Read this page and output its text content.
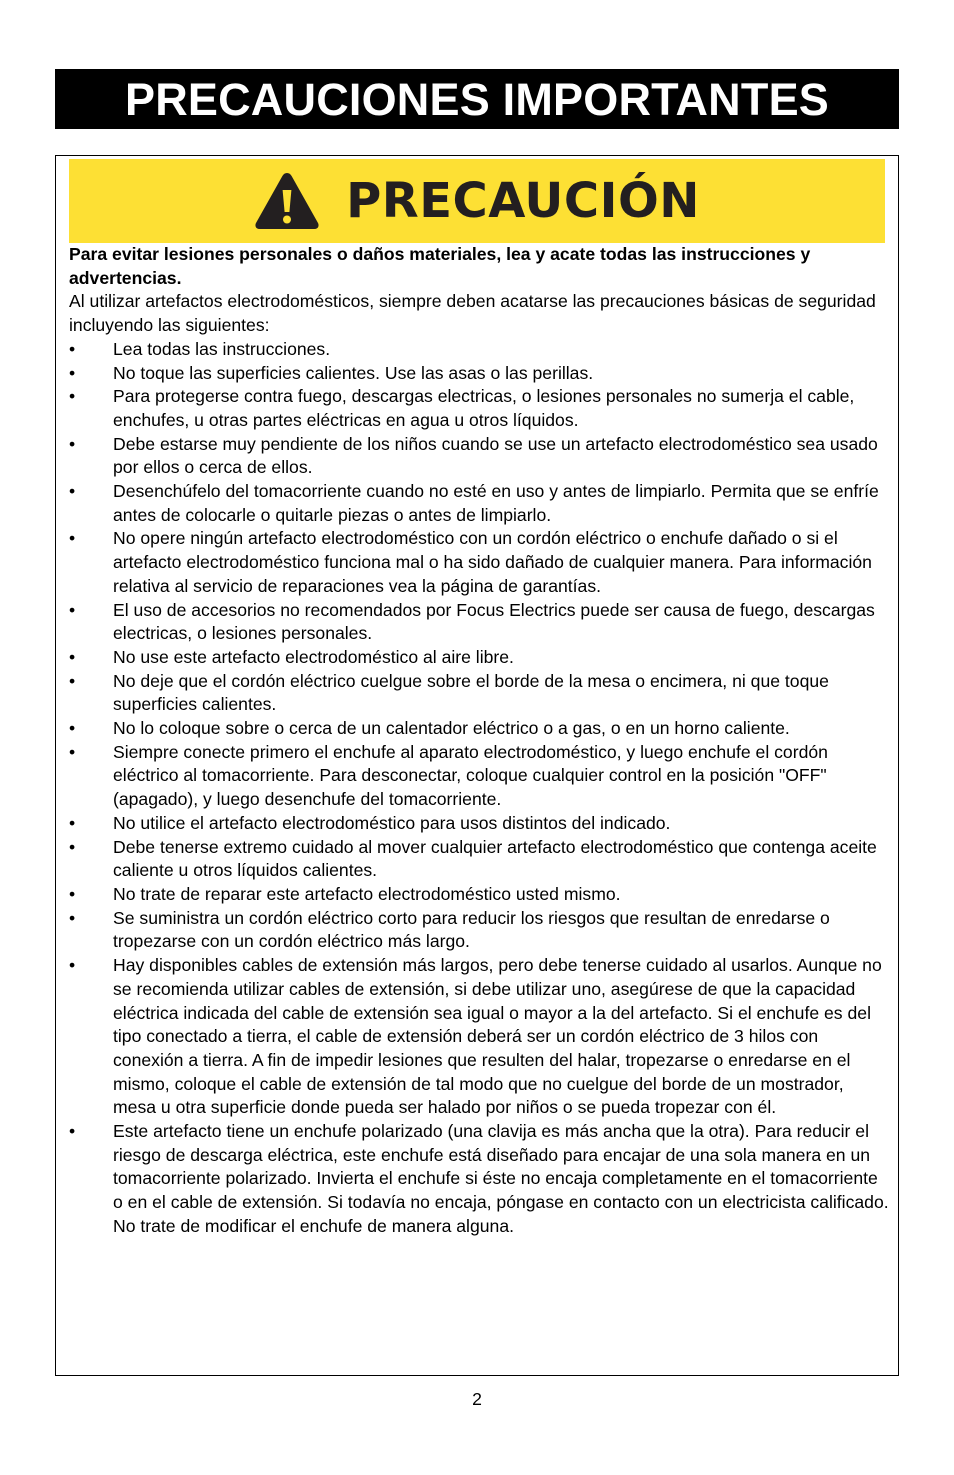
PRECAUCIONES IMPORTANTES
PRECAUCIÓN

Para evitar lesiones personales o daños materiales, lea y acate todas las instrucciones y advertencias.

Al utilizar artefactos electrodomésticos, siempre deben acatarse las precauciones básicas de seguridad incluyendo las siguientes:

• Lea todas las instrucciones.
• No toque las superficies calientes. Use las asas o las perillas.
• Para protegerse contra fuego, descargas electricas, o lesiones personales no sumerja el cable, enchufes, u otras partes eléctricas en agua u otros líquidos.
• Debe estarse muy pendiente de los niños cuando se use un artefacto electrodoméstico sea usado por ellos o cerca de ellos.
• Desenchúfelo del tomacorriente cuando no esté en uso y antes de limpiarlo. Permita que se enfríe antes de colocarle o quitarle piezas o antes de limpiarlo.
• No opere ningún artefacto electrodoméstico con un cordón eléctrico o enchufe dañado o si el artefacto electrodoméstico funciona mal o ha sido dañado de cualquier manera. Para información relativa al servicio de reparaciones vea la página de garantías.
• El uso de accesorios no recomendados por Focus Electrics puede ser causa de fuego, descargas electricas, o lesiones personales.
• No use este artefacto electrodoméstico al aire libre.
• No deje que el cordón eléctrico cuelgue sobre el borde de la mesa o encimera, ni que toque superficies calientes.
• No lo coloque sobre o cerca de un calentador eléctrico o a gas, o en un horno caliente.
• Siempre conecte primero el enchufe al aparato electrodoméstico, y luego enchufe el cordón eléctrico al tomacorriente. Para desconectar, coloque cualquier control en la posición "OFF" (apagado), y luego desenchufe del tomacorriente.
• No utilice el artefacto electrodoméstico para usos distintos del indicado.
• Debe tenerse extremo cuidado al mover cualquier artefacto electrodoméstico que contenga aceite caliente u otros líquidos calientes.
• No trate de reparar este artefacto electrodoméstico usted mismo.
• Se suministra un cordón eléctrico corto para reducir los riesgos que resultan de enredarse o tropezarse con un cordón eléctrico más largo.
• Hay disponibles cables de extensión más largos, pero debe tenerse cuidado al usarlos. Aunque no se recomienda utilizar cables de extensión, si debe utilizar uno, asegúrese de que la capacidad eléctrica indicada del cable de extensión sea igual o mayor a la del artefacto. Si el enchufe es del tipo conectado a tierra, el cable de extensión deberá ser un cordón eléctrico de 3 hilos con conexión a tierra. A fin de impedir lesiones que resulten del halar, tropezarse o enredarse en el mismo, coloque el cable de extensión de tal modo que no cuelgue del borde de un mostrador, mesa u otra superficie donde pueda ser halado por niños o se pueda tropezar con él.
• Este artefacto tiene un enchufe polarizado (una clavija es más ancha que la otra). Para reducir el riesgo de descarga eléctrica, este enchufe está diseñado para encajar de una sola manera en un tomacorriente polarizado. Invierta el enchufe si éste no encaja completamente en el tomacorriente o en el cable de extensión. Si todavía no encaja, póngase en contacto con un electricista calificado. No trate de modificar el enchufe de manera alguna.
2
